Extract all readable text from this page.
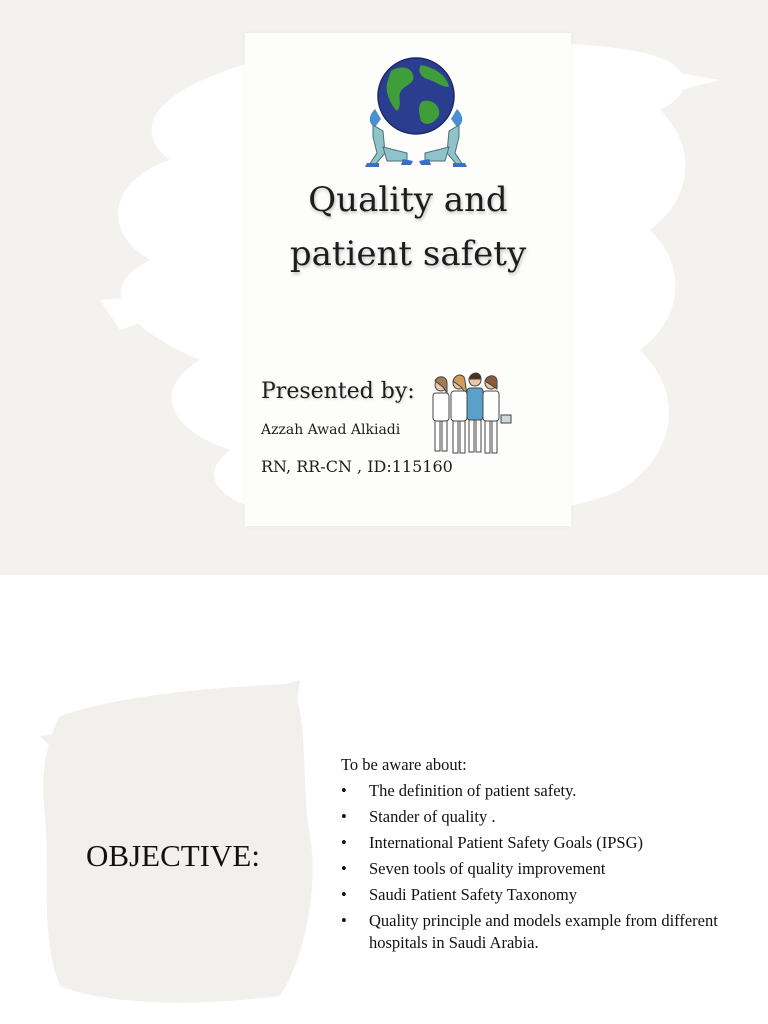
Quality and
patient safety
Presented by:
Azzah Awad Alkiadi
RN, RR-CN , ID:115160
OBJECTIVE:
To be aware about:
• The definition of patient safety.
• Stander of quality .
• International Patient Safety Goals (IPSG)
• Seven tools of quality improvement
• Saudi Patient Safety Taxonomy
• Quality principle and models example from different hospitals in Saudi Arabia.
